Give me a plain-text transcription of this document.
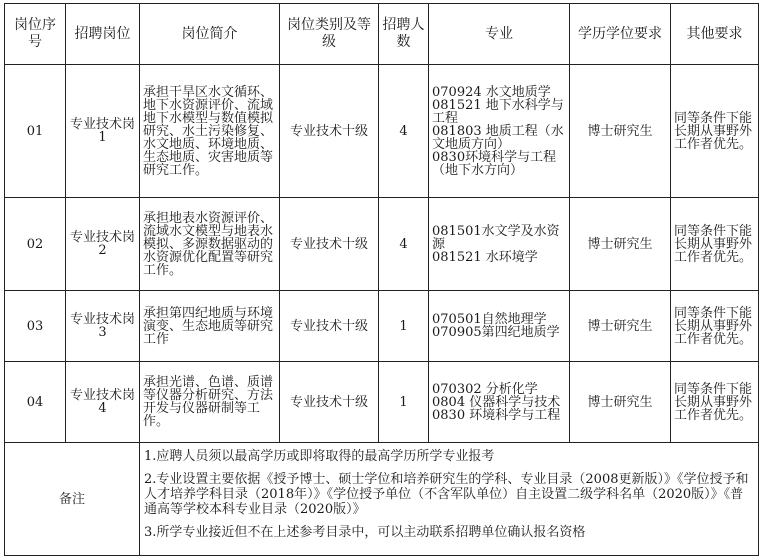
岗位序号	招聘岗位	岗位简介	岗位类别及等级	招聘人数	专业	学历学位要求	其他要求
01	专业技术岗1	承担干旱区水文循环、地下水资源评价、流域地下水模型与数值模拟研究、水土污染修复、水文地质、环境地质、生态地质、灾害地质等研究工作。	专业技术十级	4	070924 水文地质学
081521 地下水科学与工程
081803 地质工程（水文地质方向）
0830环境科学与工程（地下水方向）	博士研究生	同等条件下能长期从事野外工作者优先。
02	专业技术岗2	承担地表水资源评价、流域水文模型与地表水模拟、多源数据驱动的水资源优化配置等研究工作。	专业技术十级	4	081501水文学及水资源
081521 水环境学	博士研究生	同等条件下能长期从事野外工作者优先。
03	专业技术岗3	承担第四纪地质与环境演变、生态地质等研究工作	专业技术十级	1	070501自然地理学
070905第四纪地质学	博士研究生	同等条件下能长期从事野外工作者优先。
04	专业技术岗4	承担光谱、色谱、质谱等仪器分析研究、方法开发与仪器研制等工作。	专业技术十级	1	070302 分析化学
0804 仪器科学与技术
0830 环境科学与工程	博士研究生	同等条件下能长期从事野外工作者优先。
备注		1.应聘人员须以最高学历或即将取得的最高学历所学专业报考
2.专业设置主要依据《授予博士、硕士学位和培养研究生的学科、专业目录（2008更新版）》《学位授予和人才培养学科目录（2018年）》《学位授予单位（不含军队单位）自主设置二级学科名单（2020版）》《普通高等学校本科专业目录（2020版）》
3.所学专业接近但不在上述参考目录中，可以主动联系招聘单位确认报名资格					
